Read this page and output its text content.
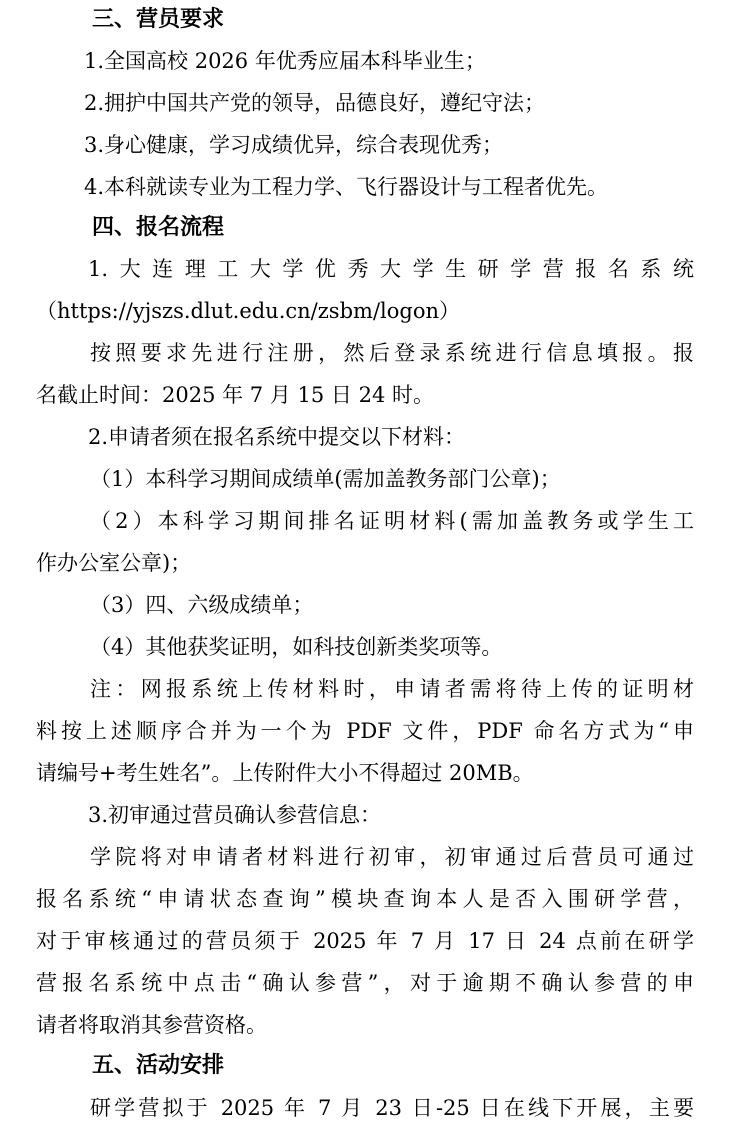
三、营员要求
1.全国高校 2026 年优秀应届本科毕业生；
2.拥护中国共产党的领导，品德良好，遵纪守法；
3.身心健康，学习成绩优异，综合表现优秀；
4.本科就读专业为工程力学、飞行器设计与工程者优先。
四、报名流程
1.大连理工大学优秀大学生研学营报名系统
（https://yjszs.dlut.edu.cn/zsbm/logon）
按照要求先进行注册，然后登录系统进行信息填报。报
名截止时间：2025 年 7 月 15 日 24 时。
2.申请者须在报名系统中提交以下材料：
（1）本科学习期间成绩单(需加盖教务部门公章)；
（2）本科学习期间排名证明材料(需加盖教务或学生工
作办公室公章)；
（3）四、六级成绩单；
（4）其他获奖证明，如科技创新类奖项等。
注：网报系统上传材料时，申请者需将待上传的证明材
料按上述顺序合并为一个为 PDF 文件，PDF 命名方式为“申
请编号+考生姓名”。上传附件大小不得超过 20MB。
3.初审通过营员确认参营信息：
学院将对申请者材料进行初审，初审通过后营员可通过
报名系统“申请状态查询”模块查询本人是否入围研学营，
对于审核通过的营员须于 2025 年 7 月 17 日 24 点前在研学
营报名系统中点击“确认参营”，对于逾期不确认参营的申
请者将取消其参营资格。
五、活动安排
研学营拟于 2025 年 7 月 23 日-25 日在线下开展，主要
